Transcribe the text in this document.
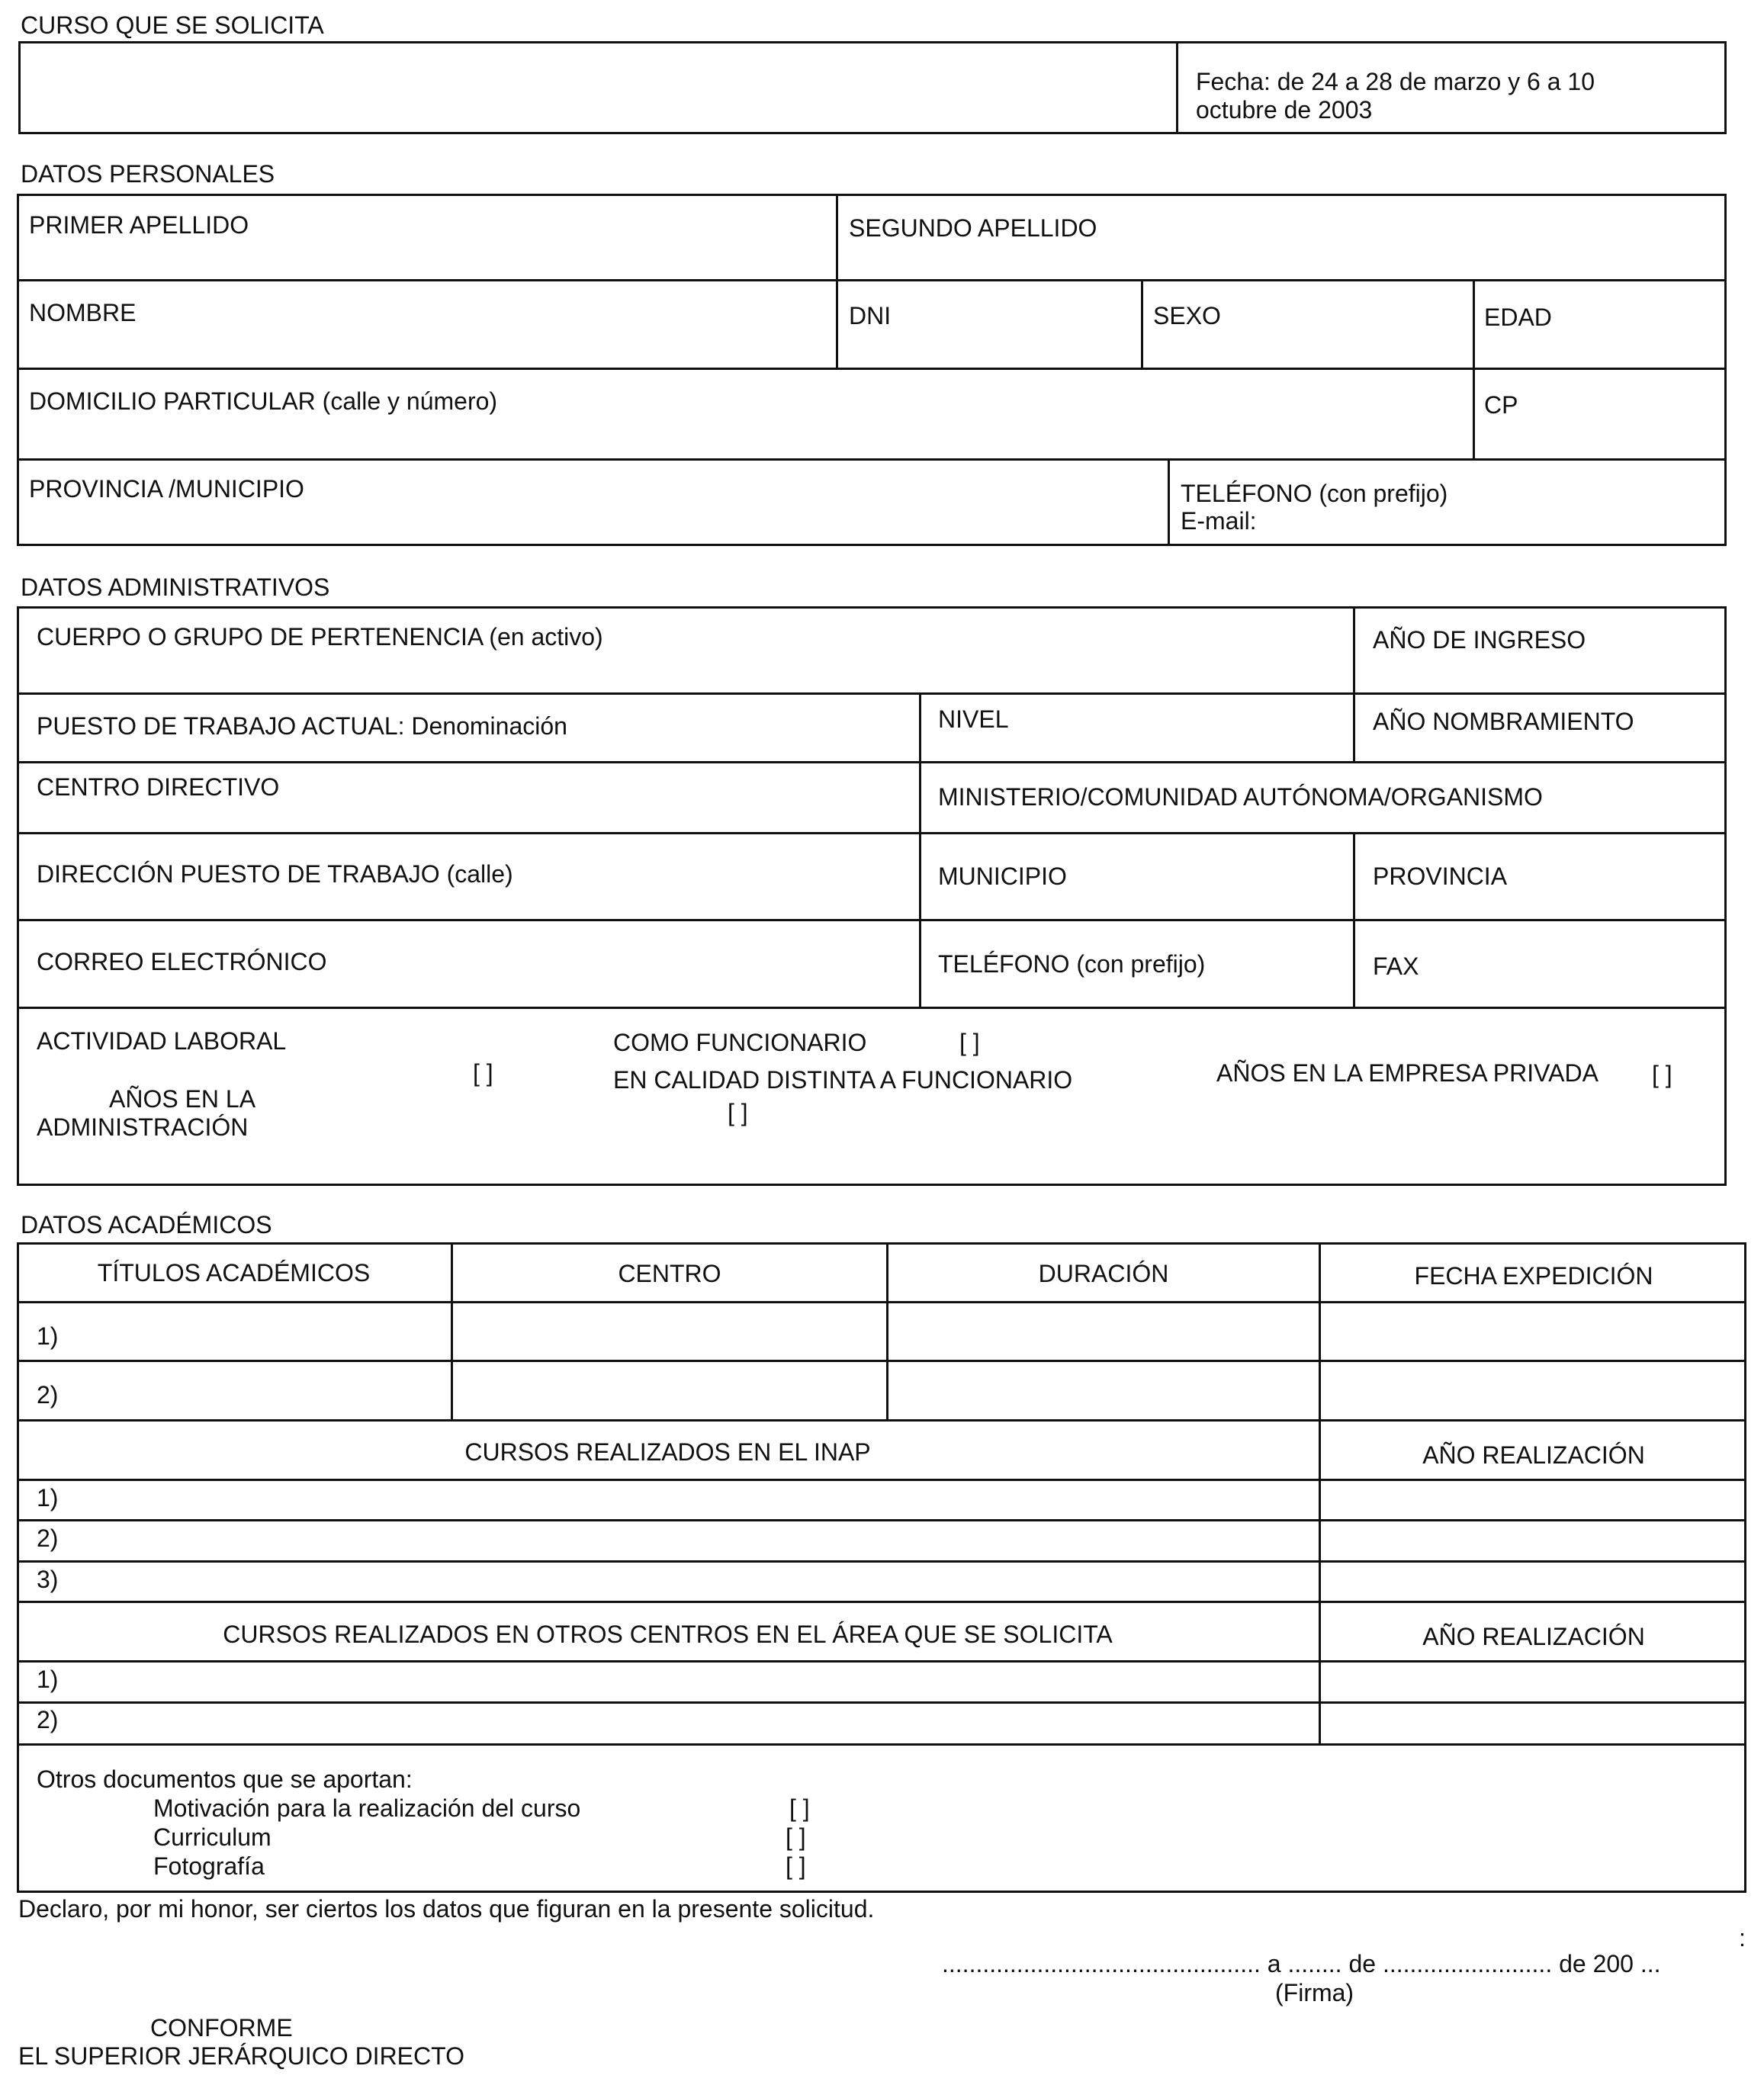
CURSO QUE SE SOLICITA
Fecha: de 24 a 28 de marzo y 6 a 10
octubre de 2003
DATOS PERSONALES
PRIMER APELLIDO	SEGUNDO APELLIDO
NOMBRE	DNI	SEXO	EDAD
DOMICILIO PARTICULAR (calle y número)	CP
PROVINCIA /MUNICIPIO	TELÉFONO (con prefijo)
E-mail:
DATOS ADMINISTRATIVOS
CUERPO O GRUPO DE PERTENENCIA (en activo)	AÑO DE INGRESO
PUESTO DE TRABAJO ACTUAL: Denominación	NIVEL	AÑO NOMBRAMIENTO
CENTRO DIRECTIVO	MINISTERIO/COMUNIDAD AUTÓNOMA/ORGANISMO
DIRECCIÓN PUESTO DE TRABAJO (calle)	MUNICIPIO	PROVINCIA
CORREO ELECTRÓNICO	TELÉFONO (con prefijo)	FAX
ACTIVIDAD LABORAL
AÑOS EN LA
ADMINISTRACIÓN
[ ]
COMO FUNCIONARIO	[ ]
EN CALIDAD DISTINTA A FUNCIONARIO
[ ]
AÑOS EN LA EMPRESA PRIVADA [ ]
DATOS ACADÉMICOS
TÍTULOS ACADÉMICOS	CENTRO	DURACIÓN	FECHA EXPEDICIÓN
1)
2)
CURSOS REALIZADOS EN EL INAP	AÑO REALIZACIÓN
1)
2)
3)
CURSOS REALIZADOS EN OTROS CENTROS EN EL ÁREA QUE SE SOLICITA	AÑO REALIZACIÓN
1)
2)
Otros documentos que se aportan:
Motivación para la realización del curso	[ ]
Curriculum	[ ]
Fotografía	[ ]
Declaro, por mi honor, ser ciertos los datos que figuran en la presente solicitud.
:
............................................... a ........ de ......................... de 200 ...
(Firma)
CONFORME
EL SUPERIOR JERÁRQUICO DIRECTO
